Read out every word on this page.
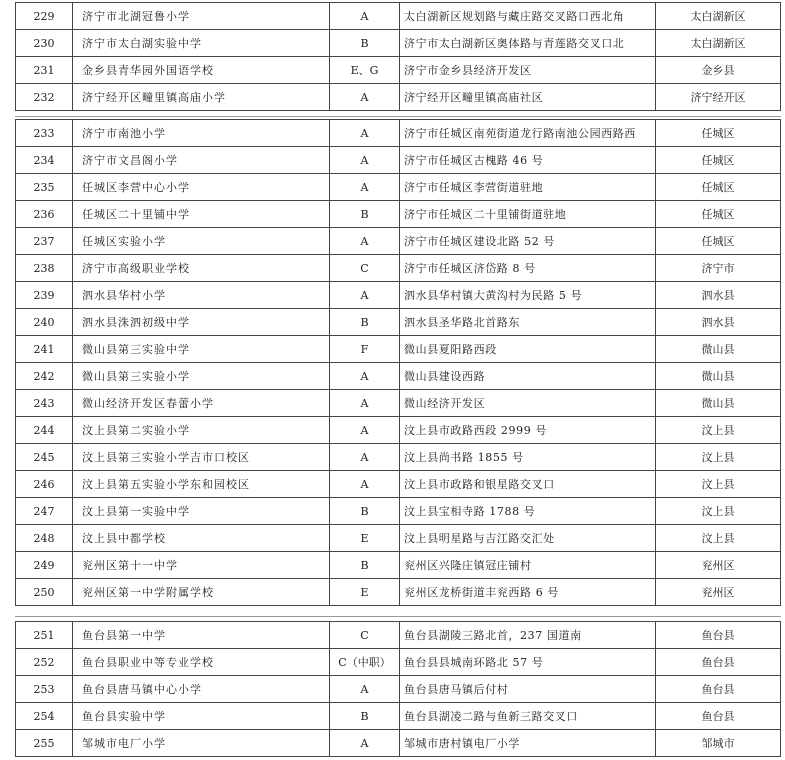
229	济宁市北湖冠鲁小学	A	太白湖新区规划路与藏庄路交叉路口西北角	太白湖新区
230	济宁市太白湖实验中学	B	济宁市太白湖新区奥体路与青莲路交叉口北	太白湖新区
231	金乡县青华园外国语学校	E、G	济宁市金乡县经济开发区	金乡县
232	济宁经开区疃里镇高庙小学	A	济宁经开区疃里镇高庙社区	济宁经开区
233	济宁市南池小学	A	济宁市任城区南苑街道龙行路南池公园西路西	任城区
234	济宁市文昌阁小学	A	济宁市任城区古槐路 46 号	任城区
235	任城区李营中心小学	A	济宁市任城区李营街道驻地	任城区
236	任城区二十里铺中学	B	济宁市任城区二十里铺街道驻地	任城区
237	任城区实验小学	A	济宁市任城区建设北路 52 号	任城区
238	济宁市高级职业学校	C	济宁市任城区济岱路 8 号	济宁市
239	泗水县华村小学	A	泗水县华村镇大黄沟村为民路 5 号	泗水县
240	泗水县洙泗初级中学	B	泗水县圣华路北首路东	泗水县
241	微山县第三实验中学	F	微山县夏阳路西段	微山县
242	微山县第三实验小学	A	微山县建设西路	微山县
243	微山经济开发区春蕾小学	A	微山经济开发区	微山县
244	汶上县第二实验小学	A	汶上县市政路西段 2999 号	汶上县
245	汶上县第三实验小学吉市口校区	A	汶上县尚书路 1855 号	汶上县
246	汶上县第五实验小学东和园校区	A	汶上县市政路和银星路交叉口	汶上县
247	汶上县第一实验中学	B	汶上县宝相寺路 1788 号	汶上县
248	汶上县中都学校	E	汶上县明星路与吉江路交汇处	汶上县
249	兖州区第十一中学	B	兖州区兴隆庄镇冠庄铺村	兖州区
250	兖州区第一中学附属学校	E	兖州区龙桥街道丰兖西路 6 号	兖州区
251	鱼台县第一中学	C	鱼台县湖陵三路北首，237 国道南	鱼台县
252	鱼台县职业中等专业学校	C（中职）	鱼台县县城南环路北 57 号	鱼台县
253	鱼台县唐马镇中心小学	A	鱼台县唐马镇后付村	鱼台县
254	鱼台县实验中学	B	鱼台县湖凌二路与鱼新三路交叉口	鱼台县
255	邹城市电厂小学	A	邹城市唐村镇电厂小学	邹城市
